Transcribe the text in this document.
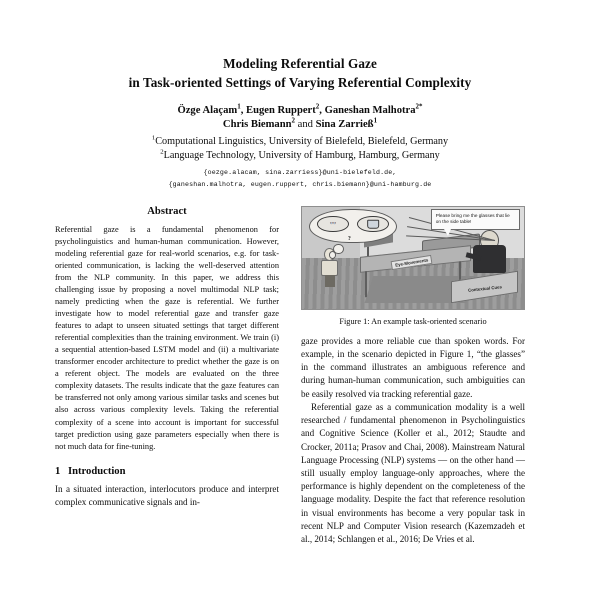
Modeling Referential Gaze
in Task-oriented Settings of Varying Referential Complexity
Özge Alaçam$^1$, Eugen Ruppert$^2$, Ganeshan Malhotra$^{2*}$
Chris Biemann$^2$ and Sina Zarrieß$^1$
$^1$Computational Linguistics, University of Bielefeld, Bielefeld, Germany
$^2$Language Technology, University of Hamburg, Hamburg, Germany
{oezge.alacam, sina.zarriess}@uni-bielefeld.de,
{ganeshan.malhotra, eugen.ruppert, chris.biemann}@uni-hamburg.de
Abstract

Referential gaze is a fundamental phenomenon for psycholinguistics and human-human communication. However, modeling referential gaze for real-world scenarios, e.g. for task-oriented communication, is lacking the well-deserved attention from the NLP community. In this paper, we address this challenging issue by proposing a novel multimodal NLP task; namely predicting when the gaze is referential. We further investigate how to model referential gaze and transfer gaze features to adapt to unseen situated settings that target different referential complexities than the training environment. We train (i) a sequential attention-based LSTM model and (ii) a multivariate transformer encoder architecture to predict whether the gaze is on a referent object. The models are evaluated on the three complexity datasets. The results indicate that the gaze features can be transferred not only among various similar tasks and scenes but also across various complexity levels. Taking the referential complexity of a scene into account is important for successful target prediction using gaze parameters especially when there is not much data for fine-tuning.

1 Introduction

In a situated interaction, interlocutors produce and interpret complex communicative signals and in-

👓
?
Please bring me the glasses that lie on the side table!
Eye-Movements
Contextual Cues
Figure 1: An example task-oriented scenario

gaze provides a more reliable cue than spoken words. For example, in the scenario depicted in Figure 1, “the glasses” in the command illustrates an ambiguous reference and during human-human communication, such ambiguities can be easily resolved via tracking referential gaze.

Referential gaze as a communication modality is a well researched / fundamental phenomenon in Psycholinguistics and Cognitive Science (Koller et al., 2012; Staudte and Crocker, 2011a; Prasov and Chai, 2008). Mainstream Natural Language Processing (NLP) systems — on the other hand — still usually employ language-only approaches, where the performance is highly dependent on the completeness of the language modality. Despite the fact that reference resolution in visual environments has become a very popular task in recent NLP and Computer Vision research (Kazemzadeh et al., 2014; Schlangen et al., 2016; De Vries et al.
